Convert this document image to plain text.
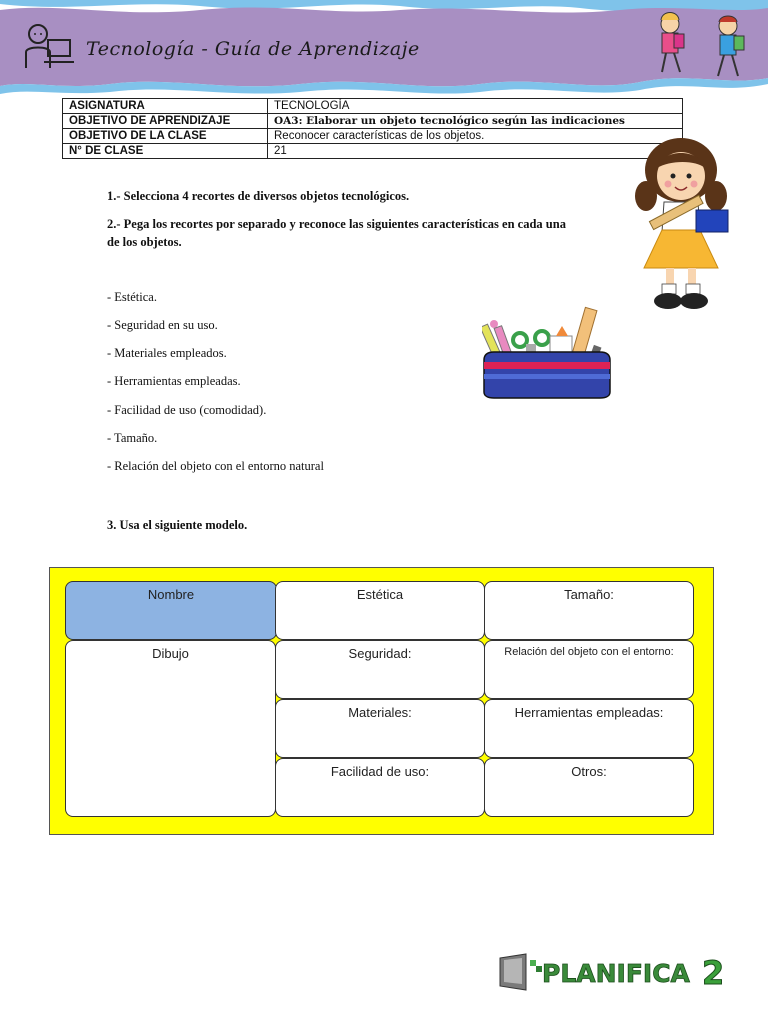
Tecnología - Guía de Aprendizaje
ASIGNATURA	TECNOLOGÍA
OBJETIVO DE APRENDIZAJE	OA3: Elaborar un objeto tecnológico según las indicaciones
OBJETIVO DE LA CLASE	Reconocer características de los objetos.
N° DE CLASE	21
1.- Selecciona 4 recortes de diversos objetos tecnológicos.
2.- Pega los recortes por separado y reconoce las siguientes características en cada una
de los objetos.
- Estética.
- Seguridad en su uso.
- Materiales empleados.
- Herramientas empleadas.
- Facilidad de uso (comodidad).
- Tamaño.
- Relación del objeto con el entorno natural
3. Usa el siguiente modelo.
Nombre	Estética	Tamaño:
Dibujo	Seguridad:	Relación del objeto con el entorno:
Materiales:	Herramientas empleadas:
Facilidad de uso:	Otros:
PLANIFICA 2
